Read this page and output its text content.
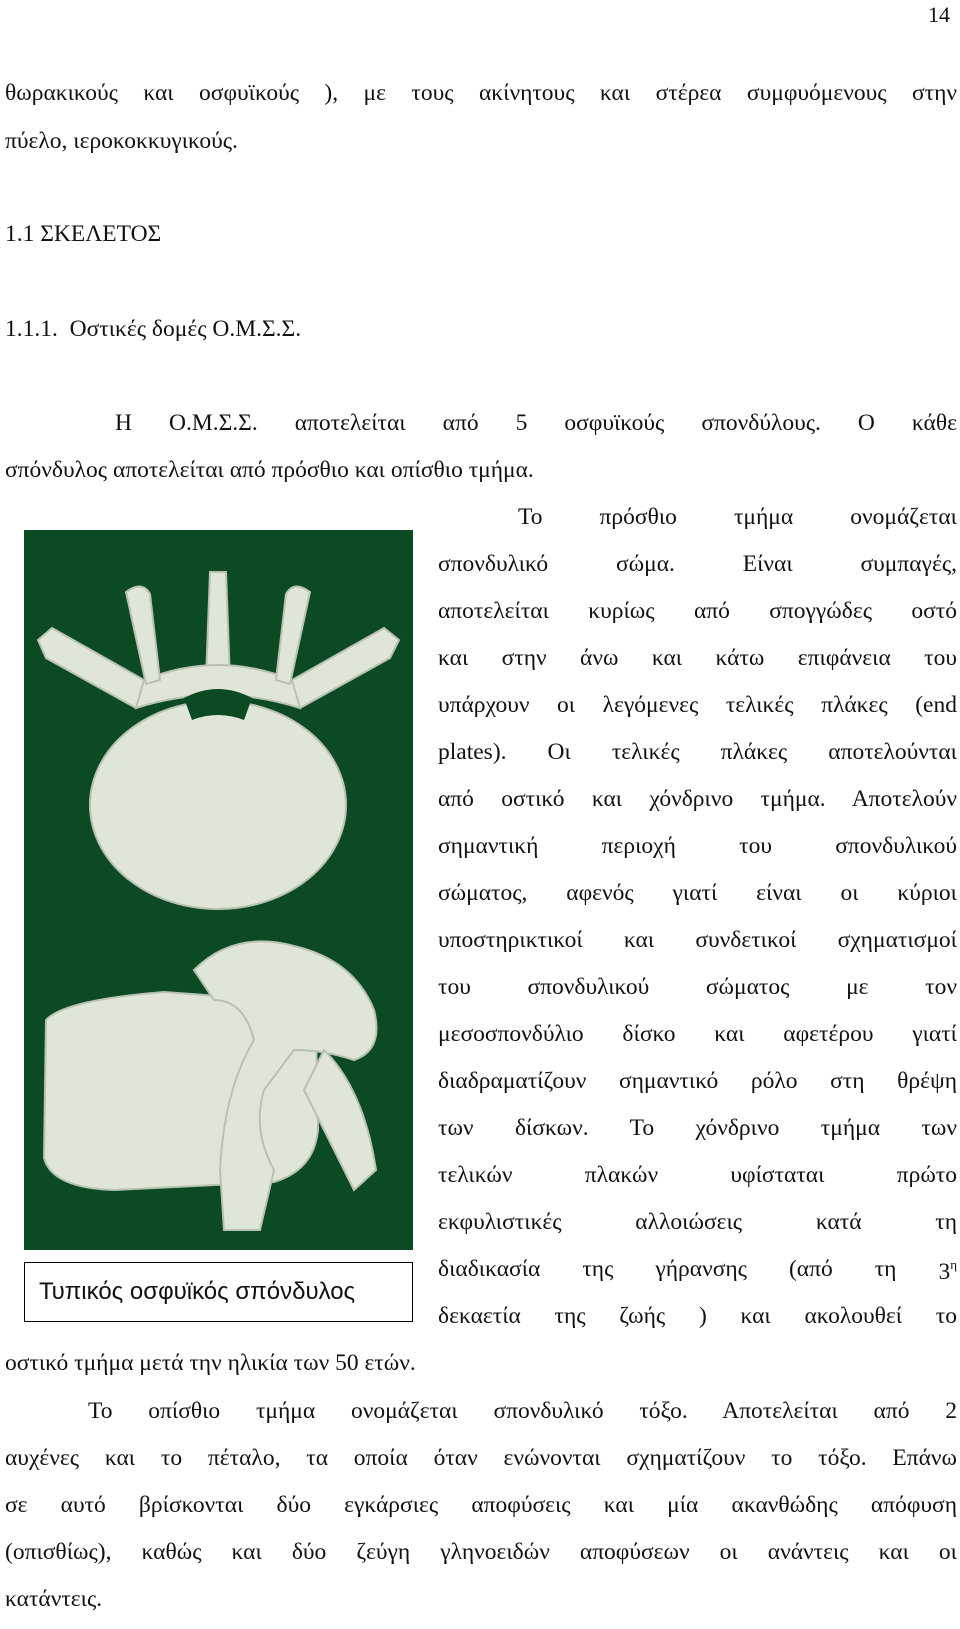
14
θωρακικούς και οσφυϊκούς ), με τους ακίνητους και στέρεα συμφυόμενους στην
πύελο, ιεροκοκκυγικούς.
1.1 ΣΚΕΛΕΤΟΣ
1.1.1.  Οστικές δομές Ο.Μ.Σ.Σ.
Η Ο.Μ.Σ.Σ. αποτελείται από 5 οσφυϊκούς σπονδύλους. Ο κάθε
σπόνδυλος αποτελείται από πρόσθιο και οπίσθιο τμήμα.
Το πρόσθιο τμήμα ονομάζεται
σπονδυλικό σώμα. Είναι συμπαγές,
αποτελείται κυρίως από σπογγώδες οστό
και στην άνω και κάτω επιφάνεια του
υπάρχουν οι λεγόμενες τελικές πλάκες (end
plates). Οι τελικές πλάκες αποτελούνται
από οστικό και χόνδρινο τμήμα. Αποτελούν
σημαντική περιοχή του σπονδυλικού
σώματος, αφενός γιατί είναι οι κύριοι
υποστηρικτικοί και συνδετικοί σχηματισμοί
του σπονδυλικού σώματος με τον
μεσοσπονδύλιο δίσκο και αφετέρου γιατί
διαδραματίζουν σημαντικό ρόλο στη θρέψη
των δίσκων. Το χόνδρινο τμήμα των
τελικών πλακών υφίσταται πρώτο
εκφυλιστικές αλλοιώσεις κατά τη
διαδικασία της γήρανσης (από τη $3^\eta$
δεκαετία της ζωής ) και ακολουθεί το
οστικό τμήμα μετά την ηλικία των 50 ετών.
Το οπίσθιο τμήμα ονομάζεται σπονδυλικό τόξο. Αποτελείται από 2
αυχένες και το πέταλο, τα οποία όταν ενώνονται σχηματίζουν το τόξο. Επάνω
σε αυτό βρίσκονται δύο εγκάρσιες αποφύσεις και μία ακανθώδης απόφυση
(οπισθίως), καθώς και δύο ζεύγη γληνοειδών αποφύσεων οι ανάντεις και οι
κατάντεις.
Τυπικός οσφυϊκός σπόνδυλος
